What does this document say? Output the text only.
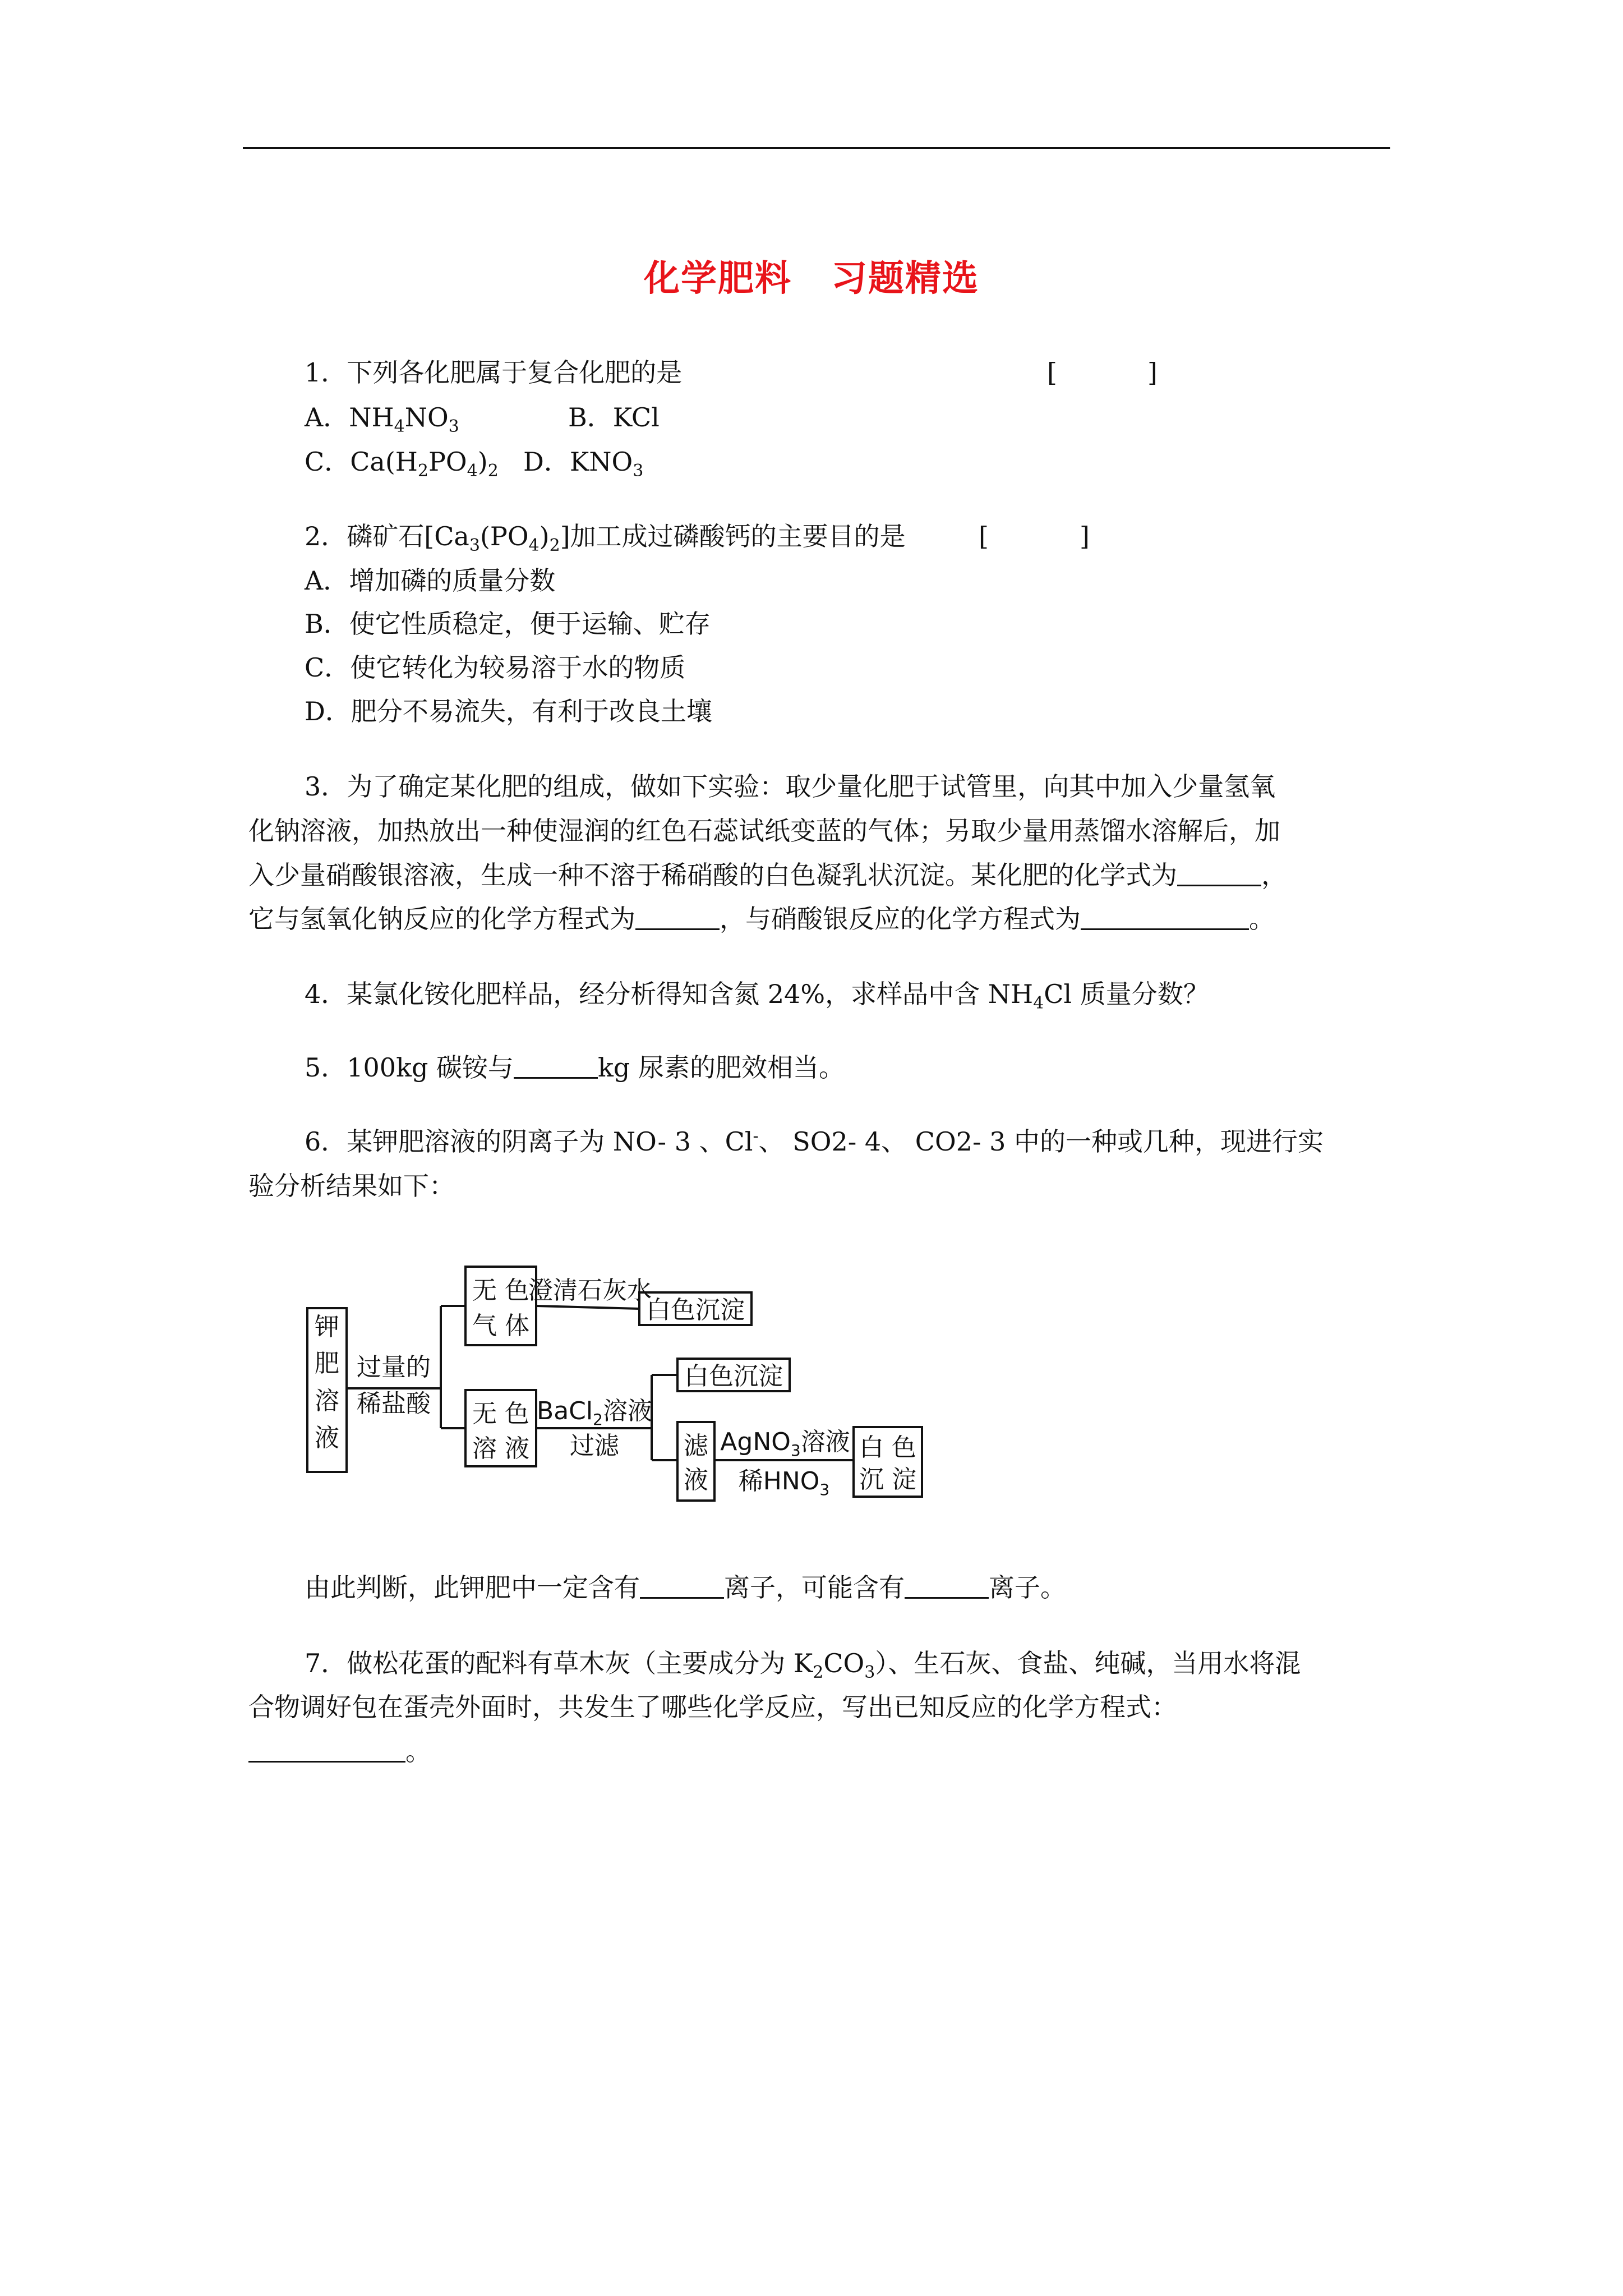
化学肥料 习题精选
1．下列各化肥属于复合化肥的是	[	]
A．$NH_4NO_3$	B．KCl
C．$Ca(H_2PO_4)_2$ D．$KNO_3$
2．磷矿石$[Ca_3(PO_4)_2]$加工成过磷酸钙的主要目的是	[	]
A．增加磷的质量分数
B．使它性质稳定，便于运输、贮存
C．使它转化为较易溶于水的物质
D．肥分不易流失，有利于改良土壤
3．为了确定某化肥的组成，做如下实验：取少量化肥于试管里，向其中加入少量氢氧
化钠溶液，加热放出一种使湿润的红色石蕊试纸变蓝的气体；另取少量用蒸馏水溶解后，加
入少量硝酸银溶液，生成一种不溶于稀硝酸的白色凝乳状沉淀。某化肥的化学式为	，
它与氢氧化钠反应的化学方程式为	，与硝酸银反应的化学方程式为	。
4．某氯化铵化肥样品，经分析得知含氮 24%，求样品中含 $NH_4Cl$ 质量分数？
5．100kg 碳铵与	kg 尿素的肥效相当。
6．某钾肥溶液的阴离子为 NO- 3 、Cl-、 SO2- 4、 CO2- 3 中的一种或几种，现进行实
验分析结果如下：
钾
肥
溶
液
过量的
稀盐酸
无 色
气 体
澄清石灰水
白色沉淀
无 色
溶 液
BaCl$_2$溶液
过滤
白色沉淀
滤
液
AgNO$_3$溶液
稀$HNO_3$
白 色
沉 淀
由此判断，此钾肥中一定含有	离子，可能含有	离子。
7．做松花蛋的配料有草木灰（主要成分为 $K_2CO_3$）、生石灰、食盐、纯碱，当用水将混
合物调好包在蛋壳外面时，共发生了哪些化学反应，写出已知反应的化学方程式：
。
